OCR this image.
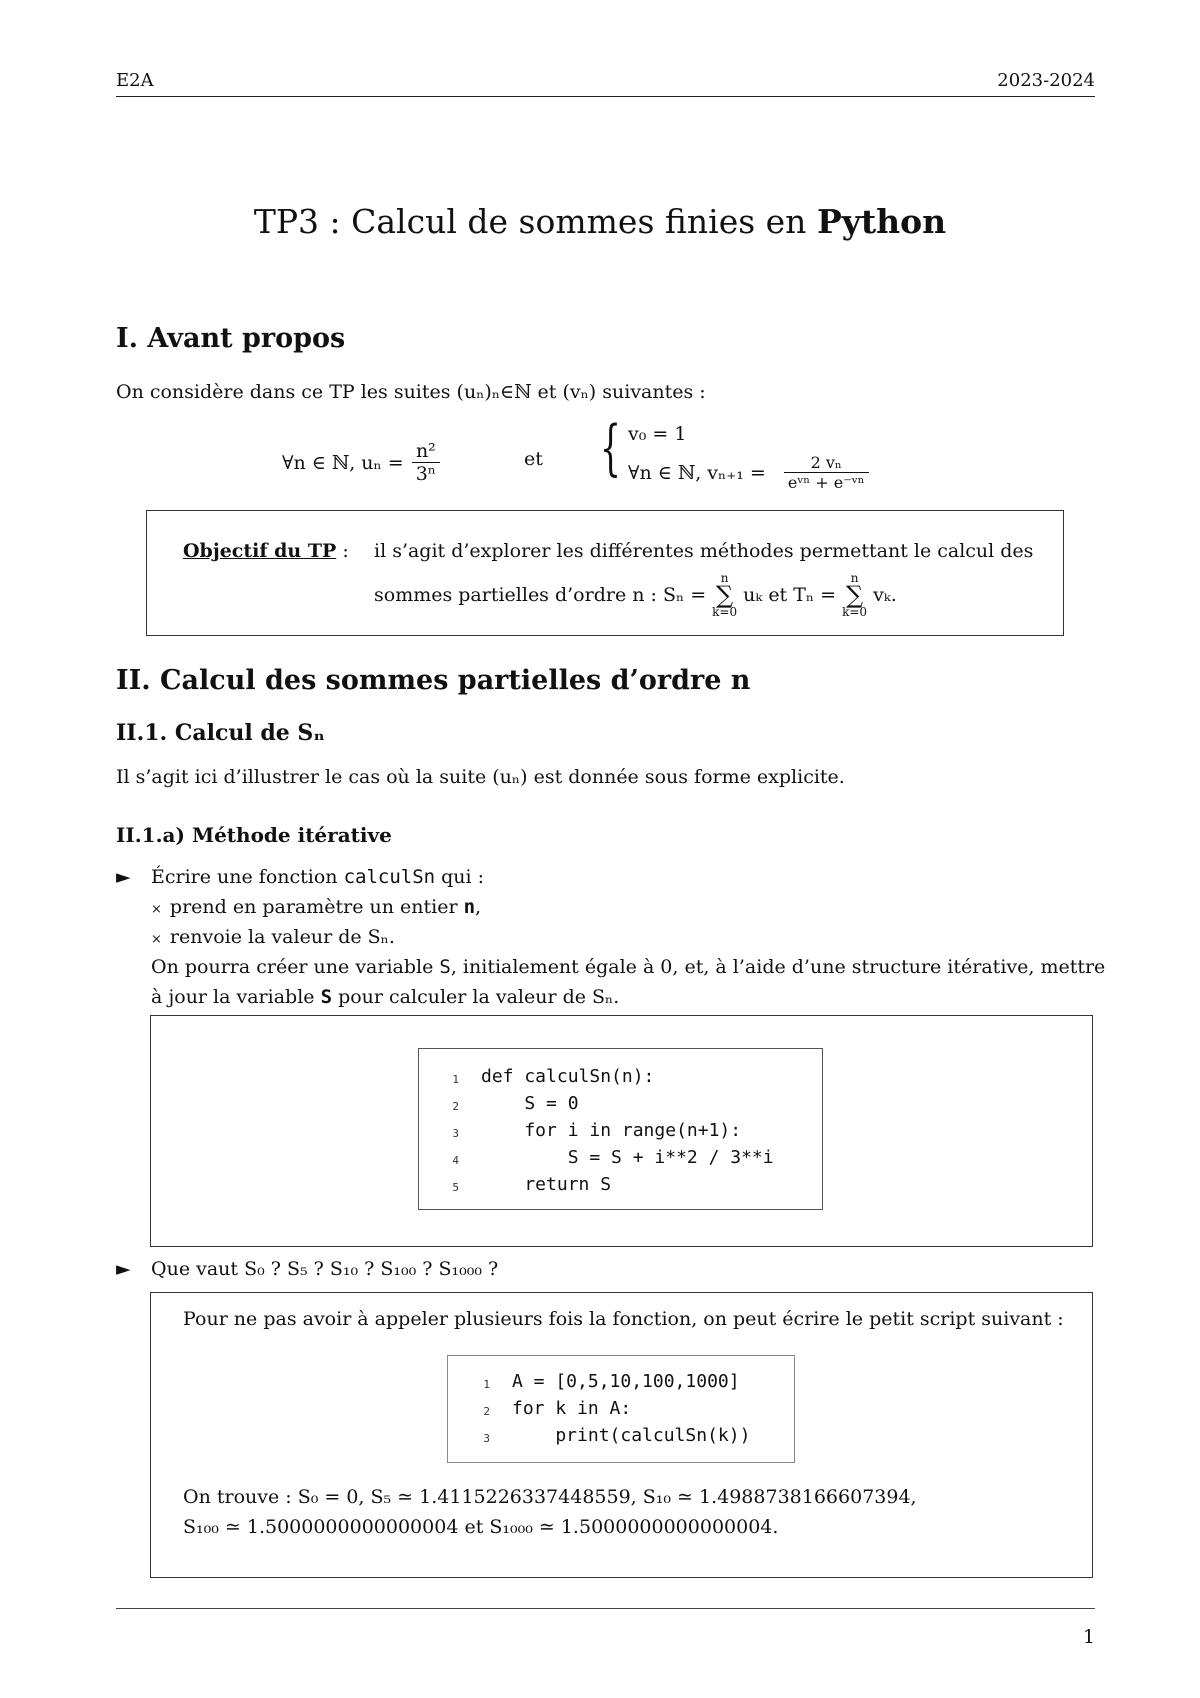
E2A	2023-2024
TP3 : Calcul de sommes finies en Python
I. Avant propos
On considère dans ce TP les suites (uₙ)ₙ∈ℕ et (vₙ) suivantes :
∀n ∈ ℕ, $u_n = \frac{\text{n²}}{\text{3ⁿ}}$	et { v₀ = 1
∀n ∈ ℕ, $v_{n+1} = \frac{\text{2 vₙ}}{\text{eᵛⁿ + e⁻ᵛⁿ}}$
Objectif du TP : il s’agit d’explorer les différentes méthodes permettant le calcul des
sommes partielles d’ordre n : Sₙ =
n
∑
k=0
uₖ et Tₙ =
n
∑
k=0
vₖ.
II. Calcul des sommes partielles d’ordre n
II.1. Calcul de Sₙ
Il s’agit ici d’illustrer le cas où la suite (uₙ) est donnée sous forme explicite.
II.1.a) Méthode itérative
► Écrire une fonction calculSn qui :
× prend en paramètre un entier n,
× renvoie la valeur de Sₙ.
On pourra créer une variable S, initialement égale à 0, et, à l’aide d’une structure itérative, mettre
à jour la variable S pour calculer la valeur de Sₙ.
1 def calculSn(n):
2 S = 0
3 for i in range(n+1):
4 S = S + i**2 / 3**i
5 return S
► Que vaut S₀ ? S₅ ? S₁₀ ? S₁₀₀ ? S₁₀₀₀ ?
Pour ne pas avoir à appeler plusieurs fois la fonction, on peut écrire le petit script suivant :
1 A = [0,5,10,100,1000]
2 for k in A:
3 print(calculSn(k))
On trouve : S₀ = 0, S₅ ≃ 1.4115226337448559, S₁₀ ≃ 1.4988738166607394,
S₁₀₀ ≃ 1.5000000000000004 et S₁₀₀₀ ≃ 1.5000000000000004.
1
